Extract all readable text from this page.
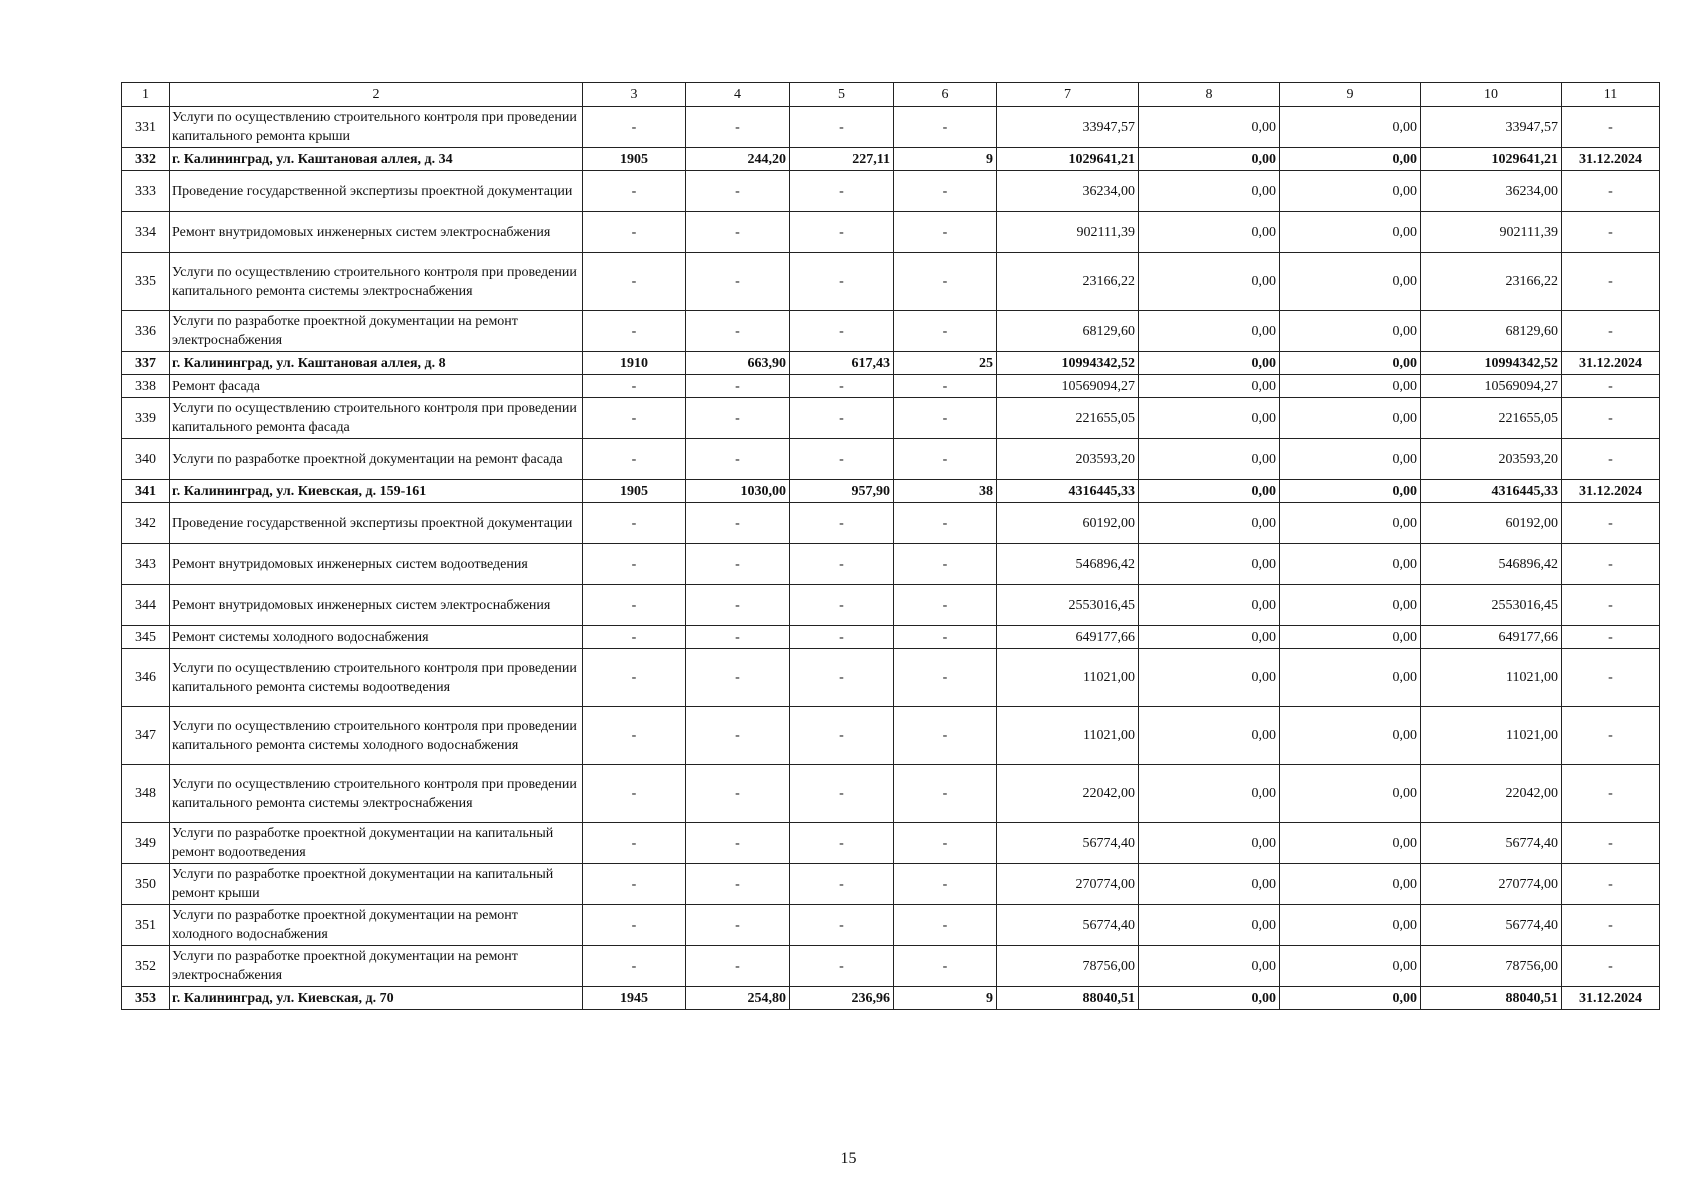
1	2	3	4	5	6	7	8	9	10	11
331	Услуги по осуществлению строительного контроля при проведении капитального ремонта крыши	-	-	-	-	33947,57	0,00	0,00	33947,57	-
332	г. Калининград, ул. Каштановая аллея, д. 34	1905	244,20	227,11	9	1029641,21	0,00	0,00	1029641,21	31.12.2024
333	Проведение государственной экспертизы проектной документации	-	-	-	-	36234,00	0,00	0,00	36234,00	-
334	Ремонт внутридомовых инженерных систем электроснабжения	-	-	-	-	902111,39	0,00	0,00	902111,39	-
335	Услуги по осуществлению строительного контроля при проведении капитального ремонта системы электроснабжения	-	-	-	-	23166,22	0,00	0,00	23166,22	-
336	Услуги по разработке проектной документации на ремонт электроснабжения	-	-	-	-	68129,60	0,00	0,00	68129,60	-
337	г. Калининград, ул. Каштановая аллея, д. 8	1910	663,90	617,43	25	10994342,52	0,00	0,00	10994342,52	31.12.2024
338	Ремонт фасада	-	-	-	-	10569094,27	0,00	0,00	10569094,27	-
339	Услуги по осуществлению строительного контроля при проведении капитального ремонта фасада	-	-	-	-	221655,05	0,00	0,00	221655,05	-
340	Услуги по разработке проектной документации на ремонт фасада	-	-	-	-	203593,20	0,00	0,00	203593,20	-
341	г. Калининград, ул. Киевская, д. 159-161	1905	1030,00	957,90	38	4316445,33	0,00	0,00	4316445,33	31.12.2024
342	Проведение государственной экспертизы проектной документации	-	-	-	-	60192,00	0,00	0,00	60192,00	-
343	Ремонт внутридомовых инженерных систем водоотведения	-	-	-	-	546896,42	0,00	0,00	546896,42	-
344	Ремонт внутридомовых инженерных систем электроснабжения	-	-	-	-	2553016,45	0,00	0,00	2553016,45	-
345	Ремонт системы холодного водоснабжения	-	-	-	-	649177,66	0,00	0,00	649177,66	-
346	Услуги по осуществлению строительного контроля при проведении капитального ремонта системы водоотведения	-	-	-	-	11021,00	0,00	0,00	11021,00	-
347	Услуги по осуществлению строительного контроля при проведении капитального ремонта системы холодного водоснабжения	-	-	-	-	11021,00	0,00	0,00	11021,00	-
348	Услуги по осуществлению строительного контроля при проведении капитального ремонта системы электроснабжения	-	-	-	-	22042,00	0,00	0,00	22042,00	-
349	Услуги по разработке проектной документации на капитальный ремонт водоотведения	-	-	-	-	56774,40	0,00	0,00	56774,40	-
350	Услуги по разработке проектной документации на капитальный ремонт крыши	-	-	-	-	270774,00	0,00	0,00	270774,00	-
351	Услуги по разработке проектной документации на ремонт холодного водоснабжения	-	-	-	-	56774,40	0,00	0,00	56774,40	-
352	Услуги по разработке проектной документации на ремонт электроснабжения	-	-	-	-	78756,00	0,00	0,00	78756,00	-
353	г. Калининград, ул. Киевская, д. 70	1945	254,80	236,96	9	88040,51	0,00	0,00	88040,51	31.12.2024
15
